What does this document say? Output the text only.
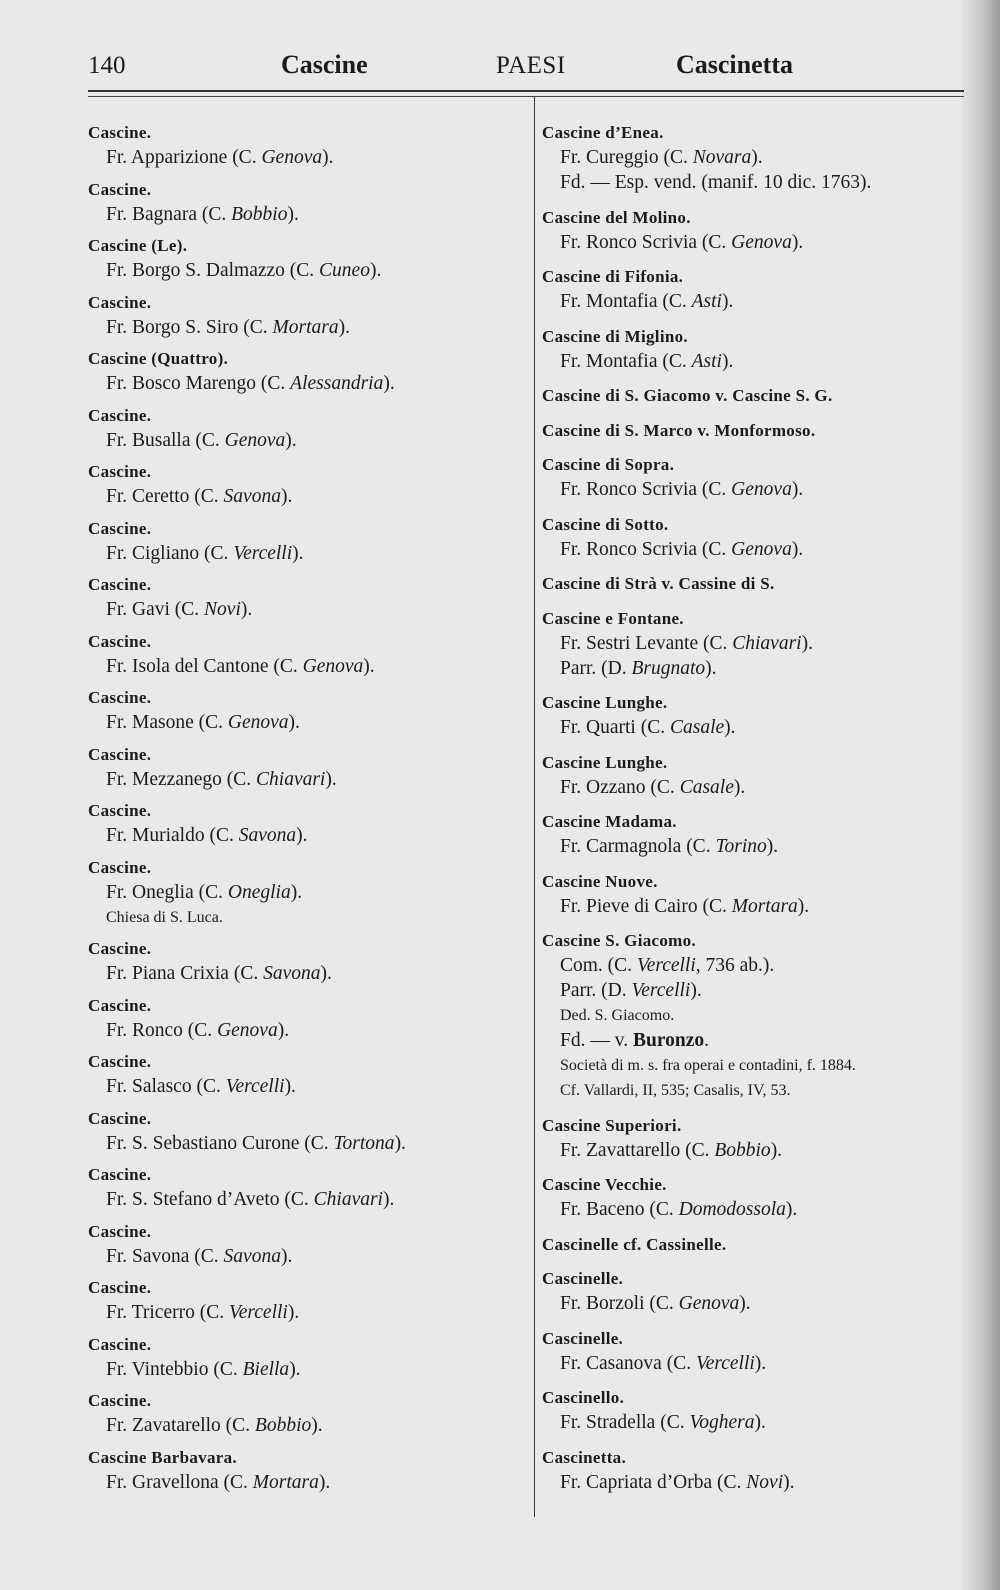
140	Cascine	PAESI	Cascinetta
Cascine.
Fr. Apparizione (C. Genova).
Cascine.
Fr. Bagnara (C. Bobbio).
Cascine (Le).
Fr. Borgo S. Dalmazzo (C. Cuneo).
Cascine.
Fr. Borgo S. Siro (C. Mortara).
Cascine (Quattro).
Fr. Bosco Marengo (C. Alessandria).
Cascine.
Fr. Busalla (C. Genova).
Cascine.
Fr. Ceretto (C. Savona).
Cascine.
Fr. Cigliano (C. Vercelli).
Cascine.
Fr. Gavi (C. Novi).
Cascine.
Fr. Isola del Cantone (C. Genova).
Cascine.
Fr. Masone (C. Genova).
Cascine.
Fr. Mezzanego (C. Chiavari).
Cascine.
Fr. Murialdo (C. Savona).
Cascine.
Fr. Oneglia (C. Oneglia).
Chiesa di S. Luca.
Cascine.
Fr. Piana Crixia (C. Savona).
Cascine.
Fr. Ronco (C. Genova).
Cascine.
Fr. Salasco (C. Vercelli).
Cascine.
Fr. S. Sebastiano Curone (C. Tortona).
Cascine.
Fr. S. Stefano d’Aveto (C. Chiavari).
Cascine.
Fr. Savona (C. Savona).
Cascine.
Fr. Tricerro (C. Vercelli).
Cascine.
Fr. Vintebbio (C. Biella).
Cascine.
Fr. Zavatarello (C. Bobbio).
Cascine Barbavara.
Fr. Gravellona (C. Mortara).
Cascine d’Enea.
Fr. Cureggio (C. Novara).
Fd. — Esp. vend. (manif. 10 dic. 1763).
Cascine del Molino.
Fr. Ronco Scrivia (C. Genova).
Cascine di Fifonia.
Fr. Montafia (C. Asti).
Cascine di Miglino.
Fr. Montafia (C. Asti).
Cascine di S. Giacomo v. Cascine S. G.
Cascine di S. Marco v. Monformoso.
Cascine di Sopra.
Fr. Ronco Scrivia (C. Genova).
Cascine di Sotto.
Fr. Ronco Scrivia (C. Genova).
Cascine di Strà v. Cassine di S.
Cascine e Fontane.
Fr. Sestri Levante (C. Chiavari).
Parr. (D. Brugnato).
Cascine Lunghe.
Fr. Quarti (C. Casale).
Cascine Lunghe.
Fr. Ozzano (C. Casale).
Cascine Madama.
Fr. Carmagnola (C. Torino).
Cascine Nuove.
Fr. Pieve di Cairo (C. Mortara).
Cascine S. Giacomo.
Com. (C. Vercelli, 736 ab.).
Parr. (D. Vercelli).
Ded. S. Giacomo.
Fd. — v. Buronzo.
Società di m. s. fra operai e contadini, f. 1884.
Cf. Vallardi, II, 535; Casalis, IV, 53.
Cascine Superiori.
Fr. Zavattarello (C. Bobbio).
Cascine Vecchie.
Fr. Baceno (C. Domodossola).
Cascinelle cf. Cassinelle.
Cascinelle.
Fr. Borzoli (C. Genova).
Cascinelle.
Fr. Casanova (C. Vercelli).
Cascinello.
Fr. Stradella (C. Voghera).
Cascinetta.
Fr. Capriata d’Orba (C. Novi).
